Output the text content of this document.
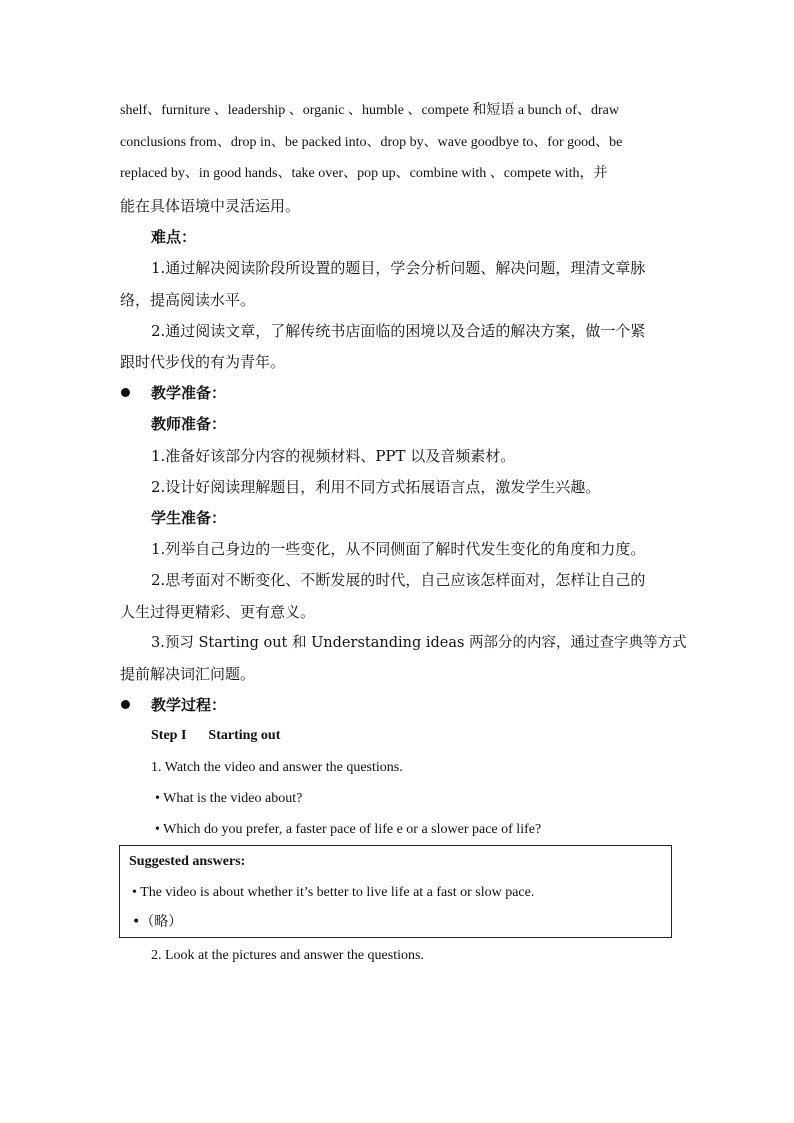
shelf、furniture 、leadership 、organic 、humble 、compete 和短语 a bunch of、draw
conclusions from、drop in、be packed into、drop by、wave goodbye to、for good、be
replaced by、in good hands、take over、pop up、combine with 、compete with，并
能在具体语境中灵活运用。
难点：
1.通过解决阅读阶段所设置的题目，学会分析问题、解决问题，理清文章脉
络，提高阅读水平。
2.通过阅读文章，了解传统书店面临的困境以及合适的解决方案，做一个紧
跟时代步伐的有为青年。
教学准备：
教师准备：
1.准备好该部分内容的视频材料、PPT 以及音频素材。
2.设计好阅读理解题目，利用不同方式拓展语言点，激发学生兴趣。
学生准备：
1.列举自己身边的一些变化，从不同侧面了解时代发生变化的角度和力度。
2.思考面对不断变化、不断发展的时代，自己应该怎样面对，怎样让自己的
人生过得更精彩、更有意义。
3.预习 Starting out 和 Understanding ideas 两部分的内容，通过查字典等方式
提前解决词汇问题。
教学过程：
Step I Starting out
1. Watch the video and answer the questions.
• What is the video about?
• Which do you prefer, a faster pace of life e or a slower pace of life?
Suggested answers:
• The video is about whether it’s better to live life at a fast or slow pace.
•（略）
2. Look at the pictures and answer the questions.
